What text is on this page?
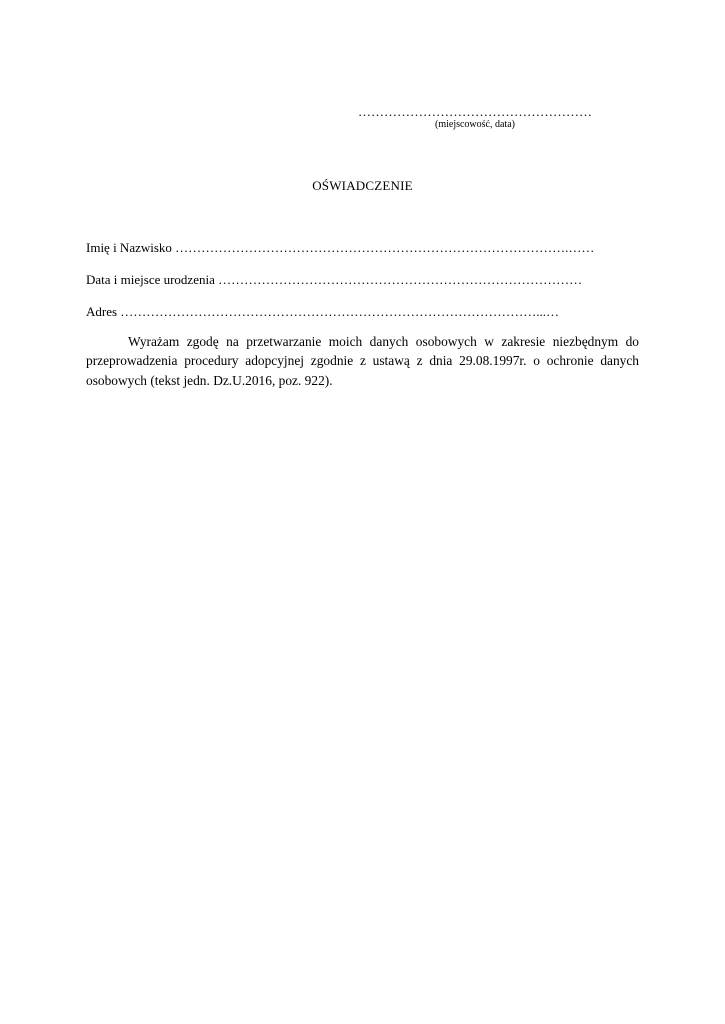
………………………………………………
(miejscowość, data)
OŚWIADCZENIE
Imię i Nazwisko ……………………………………………………………………………….……
Data i miejsce urodzenia …………………………………………………………………………
Adres ……………………………………………………………………………………...…

Wyrażam zgodę na przetwarzanie moich danych osobowych w zakresie niezbędnym do przeprowadzenia procedury adopcyjnej zgodnie z ustawą z dnia 29.08.1997r. o ochronie danych osobowych (tekst jedn. Dz.U.2016, poz. 922).
